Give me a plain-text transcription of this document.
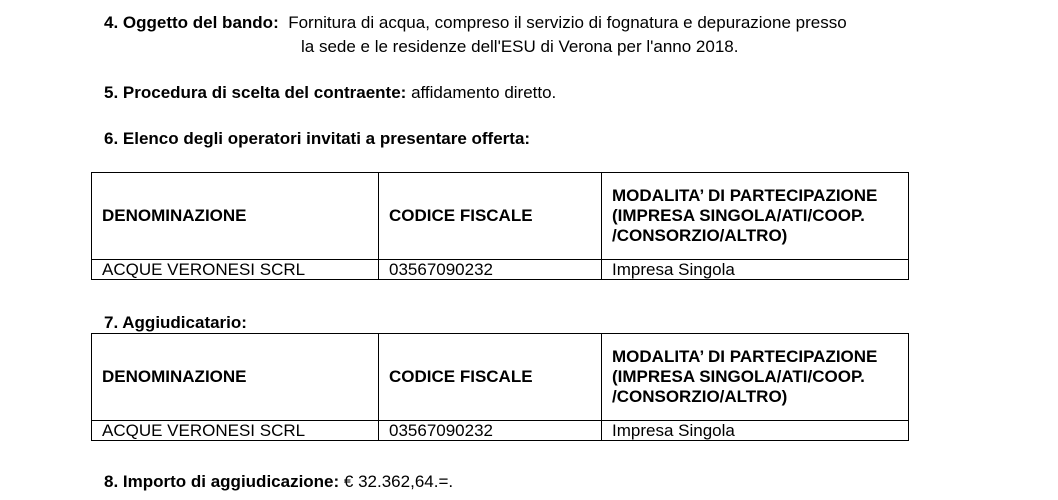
4. Oggetto del bando: Fornitura di acqua, compreso il servizio di fognatura e depurazione presso
la sede e le residenze dell'ESU di Verona per l'anno 2018.
5. Procedura di scelta del contraente: affidamento diretto.
6. Elenco degli operatori invitati a presentare offerta:
DENOMINAZIONE	CODICE FISCALE	MODALITA’ DI PARTECIPAZIONE (IMPRESA SINGOLA/ATI/COOP. /CONSORZIO/ALTRO)
ACQUE VERONESI SCRL	03567090232	Impresa Singola
7. Aggiudicatario:
DENOMINAZIONE	CODICE FISCALE	MODALITA’ DI PARTECIPAZIONE (IMPRESA SINGOLA/ATI/COOP. /CONSORZIO/ALTRO)
ACQUE VERONESI SCRL	03567090232	Impresa Singola
8. Importo di aggiudicazione: € 32.362,64.=.
